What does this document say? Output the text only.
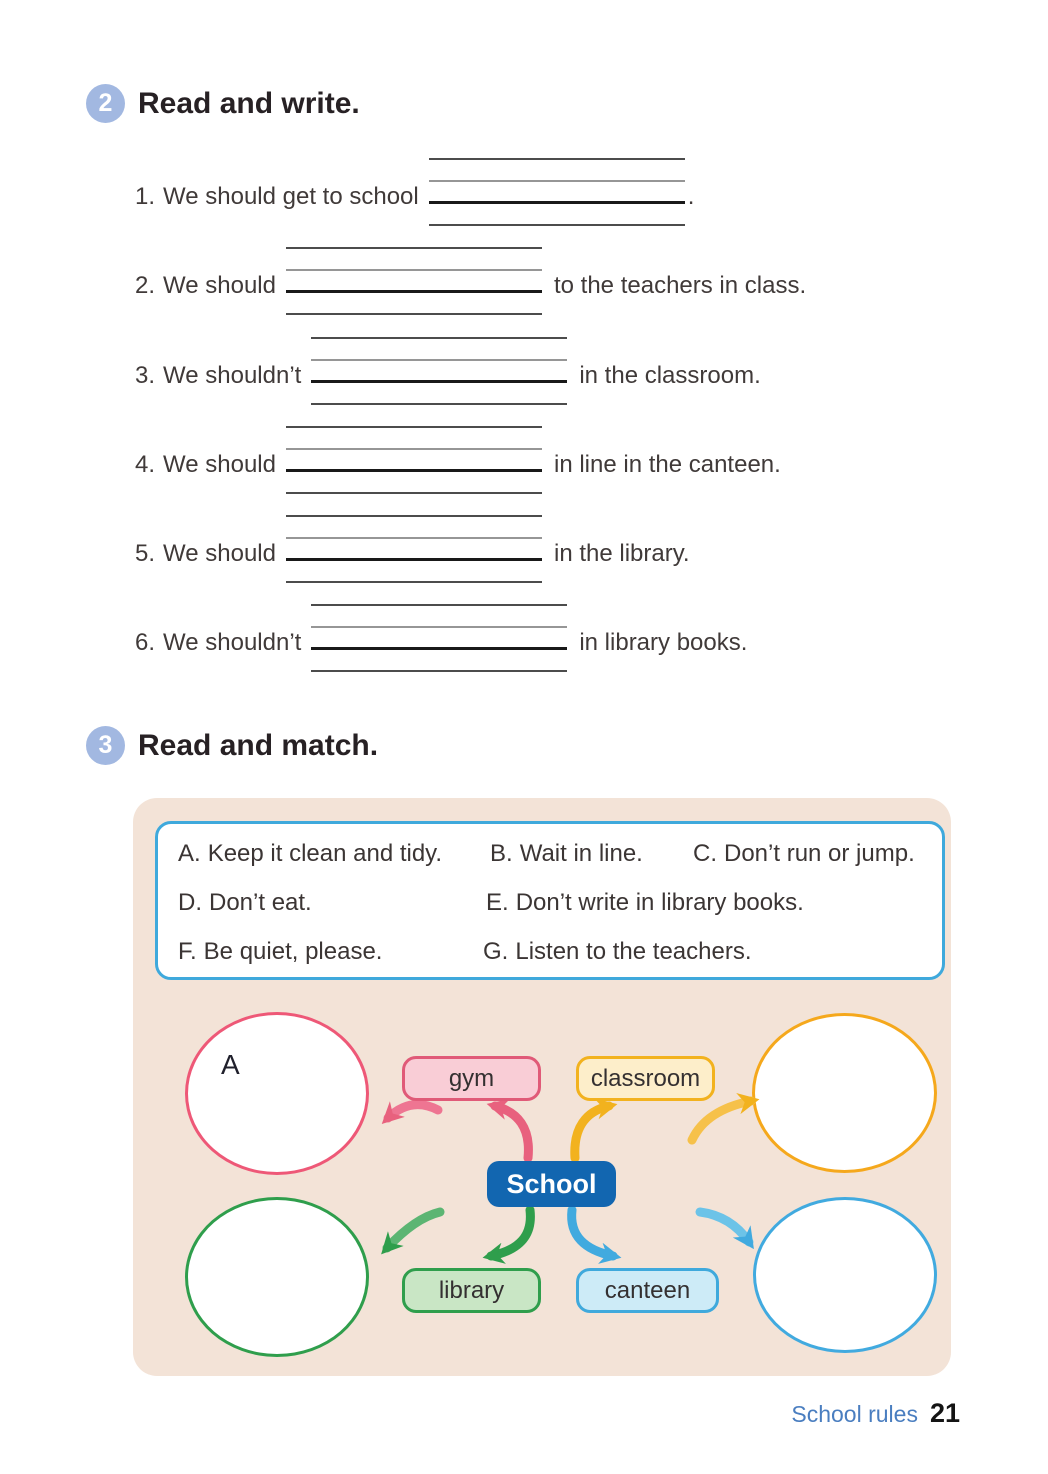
2 Read and write.
1. We should get to school	.
2. We should	to the teachers in class.
3. We shouldn’t	in the classroom.
4. We should	in line in the canteen.
5. We should	in the library.
6. We shouldn’t	in library books.
3 Read and match.
A. Keep it clean and tidy. B. Wait in line. C. Don’t run or jump.
D. Don’t eat.	E. Don’t write in library books.
F. Be quiet, please.	G. Listen to the teachers.
A	gym	classroom
School
library	canteen
School rules 21
